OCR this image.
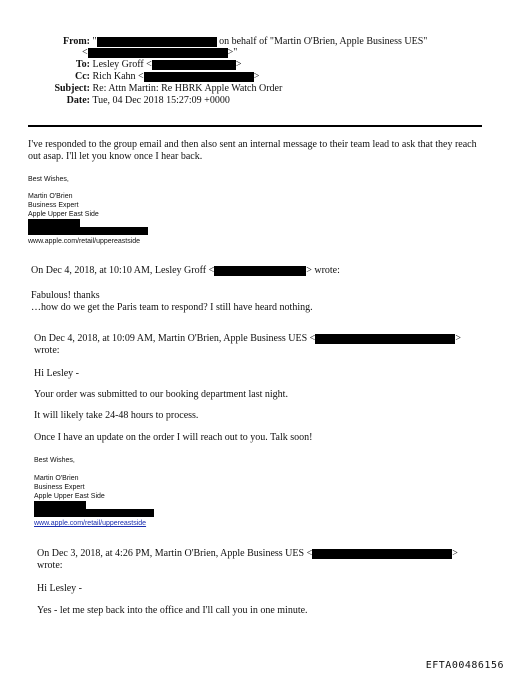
From: "	on behalf of "Martin O'Brien, Apple Business UES"
<	>"
To: Lesley Groff <	>
Cc: Rich Kahn <	>
Subject: Re: Attn Martin: Re HBRK Apple Watch Order
Date: Tue, 04 Dec 2018 15:27:09 +0000
I've responded to the group email and then also sent an internal message to their team lead to ask that they reach out asap. I'll let you know once I hear back.
Best Wishes,
Martin O'Brien
Business Expert
Apple Upper East Side
www.apple.com/retail/uppereastside
On Dec 4, 2018, at 10:10 AM, Lesley Groff <	> wrote:
Fabulous! thanks
…how do we get the Paris team to respond? I still have heard nothing.
On Dec 4, 2018, at 10:09 AM, Martin O'Brien, Apple Business UES <	>
wrote:
Hi Lesley -
Your order was submitted to our booking department last night.
It will likely take 24-48 hours to process.
Once I have an update on the order I will reach out to you. Talk soon!
Best Wishes,
Martin O'Brien
Business Expert
Apple Upper East Side
www.apple.com/retail/uppereastside
On Dec 3, 2018, at 4:26 PM, Martin O'Brien, Apple Business UES <	>
wrote:
Hi Lesley -
Yes - let me step back into the office and I'll call you in one minute.
EFTA00486156
